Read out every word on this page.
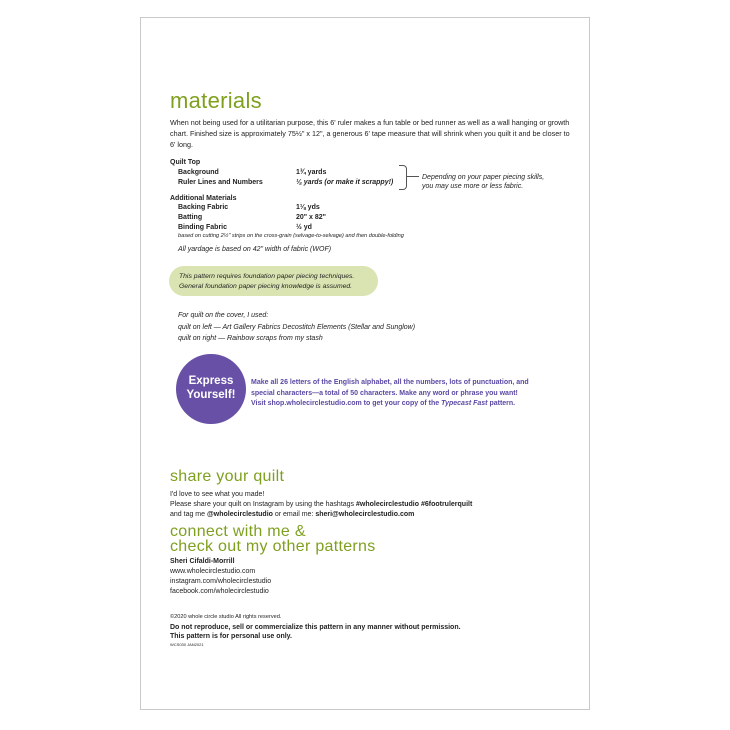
materials
When not being used for a utilitarian purpose, this 6' ruler makes a fun table or bed runner as well as a wall hanging or growth chart. Finished size is approximately 75½" x 12", a generous 6' tape measure that will shrink when you quilt it and be closer to 6' long.
Quilt Top
Background	1¾ yards
Ruler Lines and Numbers	⅛ yards (or make it scrappy!)
Depending on your paper piecing skills,
you may use more or less fabric.
Additional Materials
Backing Fabric	1⅛ yds
Batting	20" x 82"
Binding Fabric	½ yd
based on cutting 2½" strips on the cross-grain (selvage-to-selvage) and then double-folding
All yardage is based on 42" width of fabric (WOF)
This pattern requires foundation paper piecing techniques.
General foundation paper piecing knowledge is assumed.
For quilt on the cover, I used:
quilt on left — Art Gallery Fabrics Decostitch Elements (Stellar and Sunglow)
quilt on right — Rainbow scraps from my stash
Express
Yourself!
Make all 26 letters of the English alphabet, all the numbers, lots of punctuation, and
special characters—a total of 50 characters. Make any word or phrase you want!
Visit shop.wholecirclestudio.com to get your copy of the Typecast Fast pattern.
share your quilt
I'd love to see what you made!
Please share your quilt on Instagram by using the hashtags #wholecirclestudio #6footrulerquilt
and tag me @wholecirclestudio or email me: sheri@wholecirclestudio.com
connect with me &
check out my other patterns
Sheri Cifaldi-Morrill
www.wholecirclestudio.com
instagram.com/wholecirclestudio
facebook.com/wholecirclestudio
©2020 whole circle studio All rights reserved.
Do not reproduce, sell or commercialize this pattern in any manner without permission.
This pattern is for personal use only.
WCS030 JAN2021
